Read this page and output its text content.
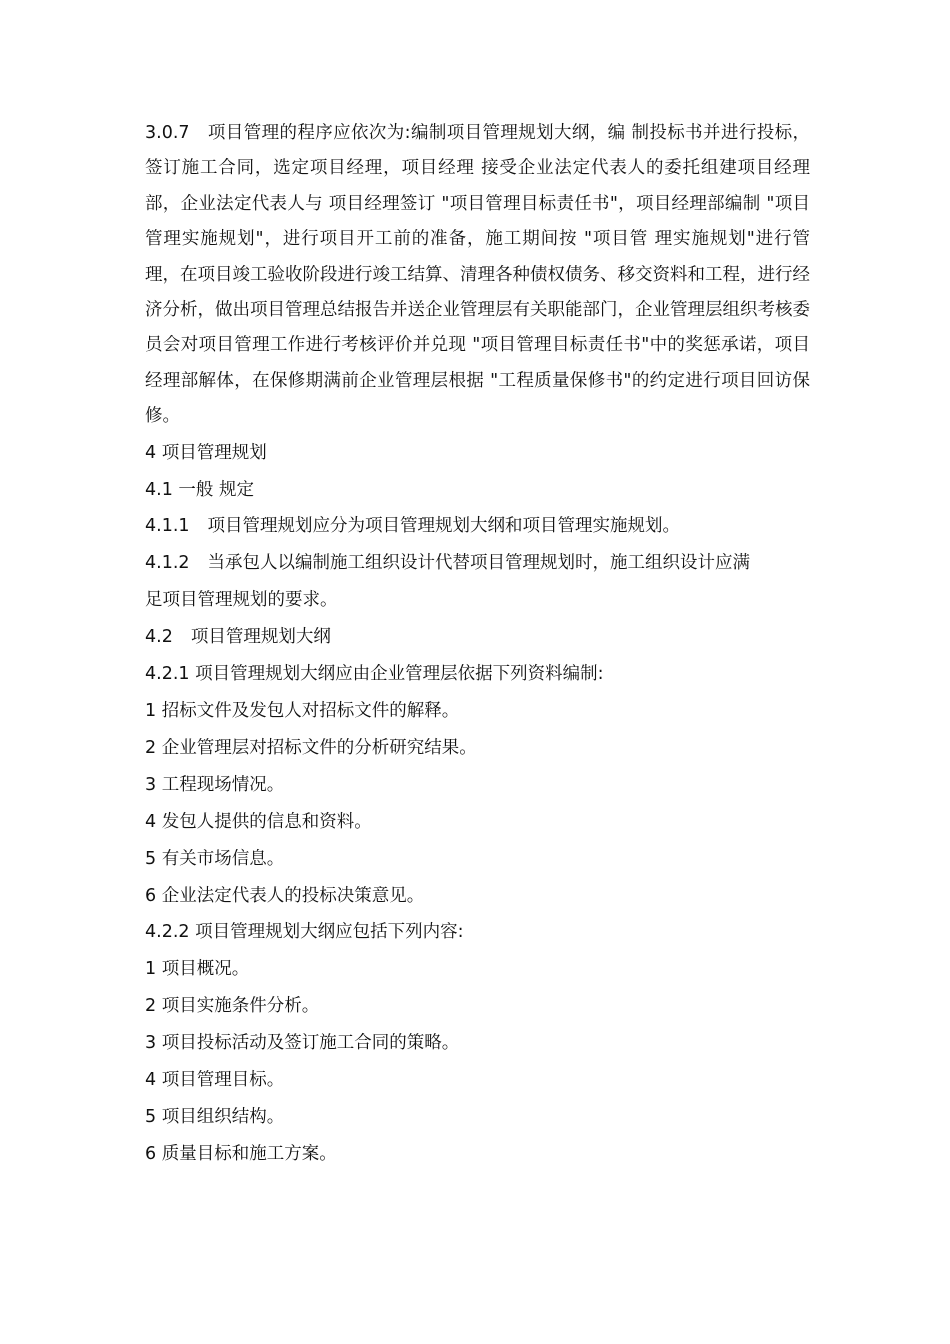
3.0.7 项目管理的程序应依次为:编制项目管理规划大纲，编 制投标书并进行投标，签订施工合同，选定项目经理，项目经理 接受企业法定代表人的委托组建项目经理部，企业法定代表人与 项目经理签订 "项目管理目标责任书"，项目经理部编制 "项目 管理实施规划"，进行项目开工前的准备，施工期间按 "项目管 理实施规划"进行管理，在项目竣工验收阶段进行竣工结算、清理各种债权债务、移交资料和工程，进行经济分析，做出项目管理总结报告并送企业管理层有关职能部门，企业管理层组织考核委员会对项目管理工作进行考核评价并兑现 "项目管理目标责任书"中的奖惩承诺，项目经理部解体，在保修期满前企业管理层根据 "工程质量保修书"的约定进行项目回访保修。

4 项目管理规划

4.1 一般 规定

4.1.1 项目管理规划应分为项目管理规划大纲和项目管理实施规划。

4.1.2 当承包人以编制施工组织设计代替项目管理规划时，施工组织设计应满

足项目管理规划的要求。

4.2 项目管理规划大纲

4.2.1 项目管理规划大纲应由企业管理层依据下列资料编制:

1 招标文件及发包人对招标文件的解释。

2 企业管理层对招标文件的分析研究结果。

3 工程现场情况。

4 发包人提供的信息和资料。

5 有关市场信息。

6 企业法定代表人的投标决策意见。

4.2.2 项目管理规划大纲应包括下列内容:

1 项目概况。

2 项目实施条件分析。

3 项目投标活动及签订施工合同的策略。

4 项目管理目标。

5 项目组织结构。

6 质量目标和施工方案。
